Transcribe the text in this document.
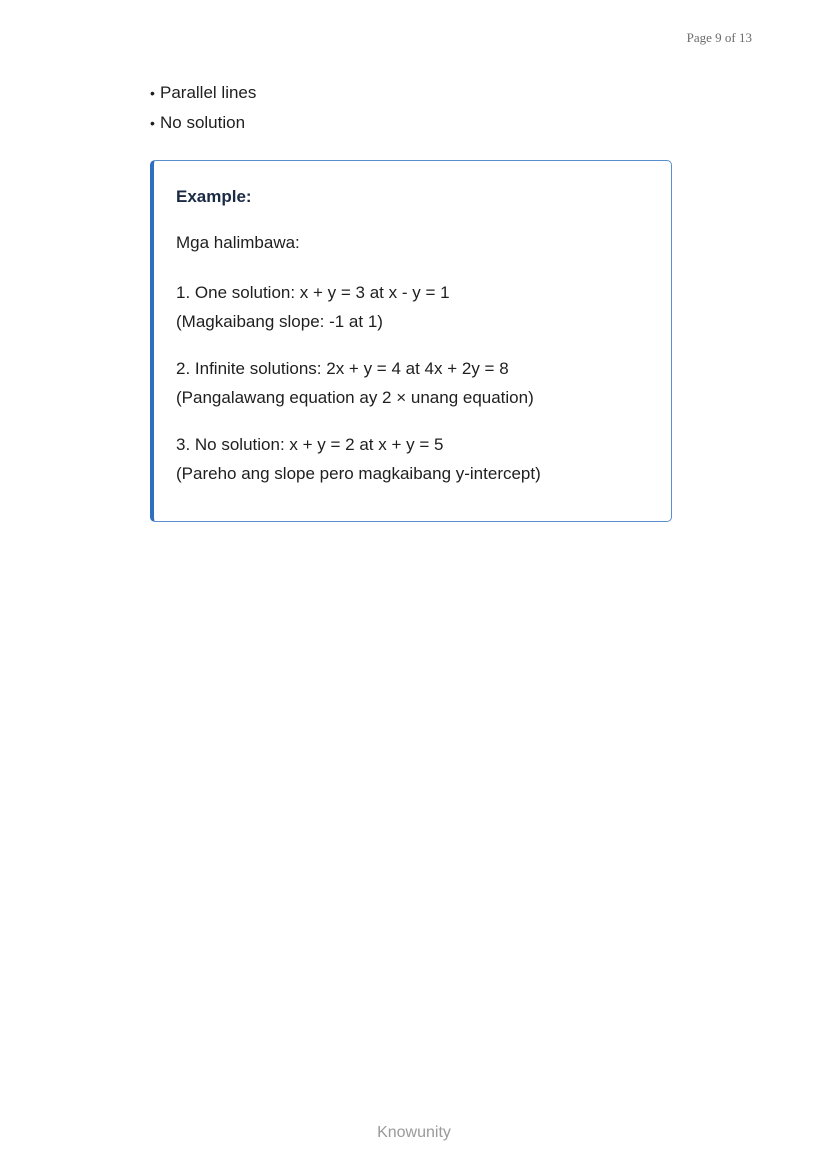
Page 9 of 13
• Parallel lines
• No solution
Example:
Mga halimbawa:
1. One solution: x + y = 3 at x - y = 1
(Magkaibang slope: -1 at 1)
2. Infinite solutions: 2x + y = 4 at 4x + 2y = 8
(Pangalawang equation ay 2 × unang equation)
3. No solution: x + y = 2 at x + y = 5
(Pareho ang slope pero magkaibang y-intercept)
Knowunity
